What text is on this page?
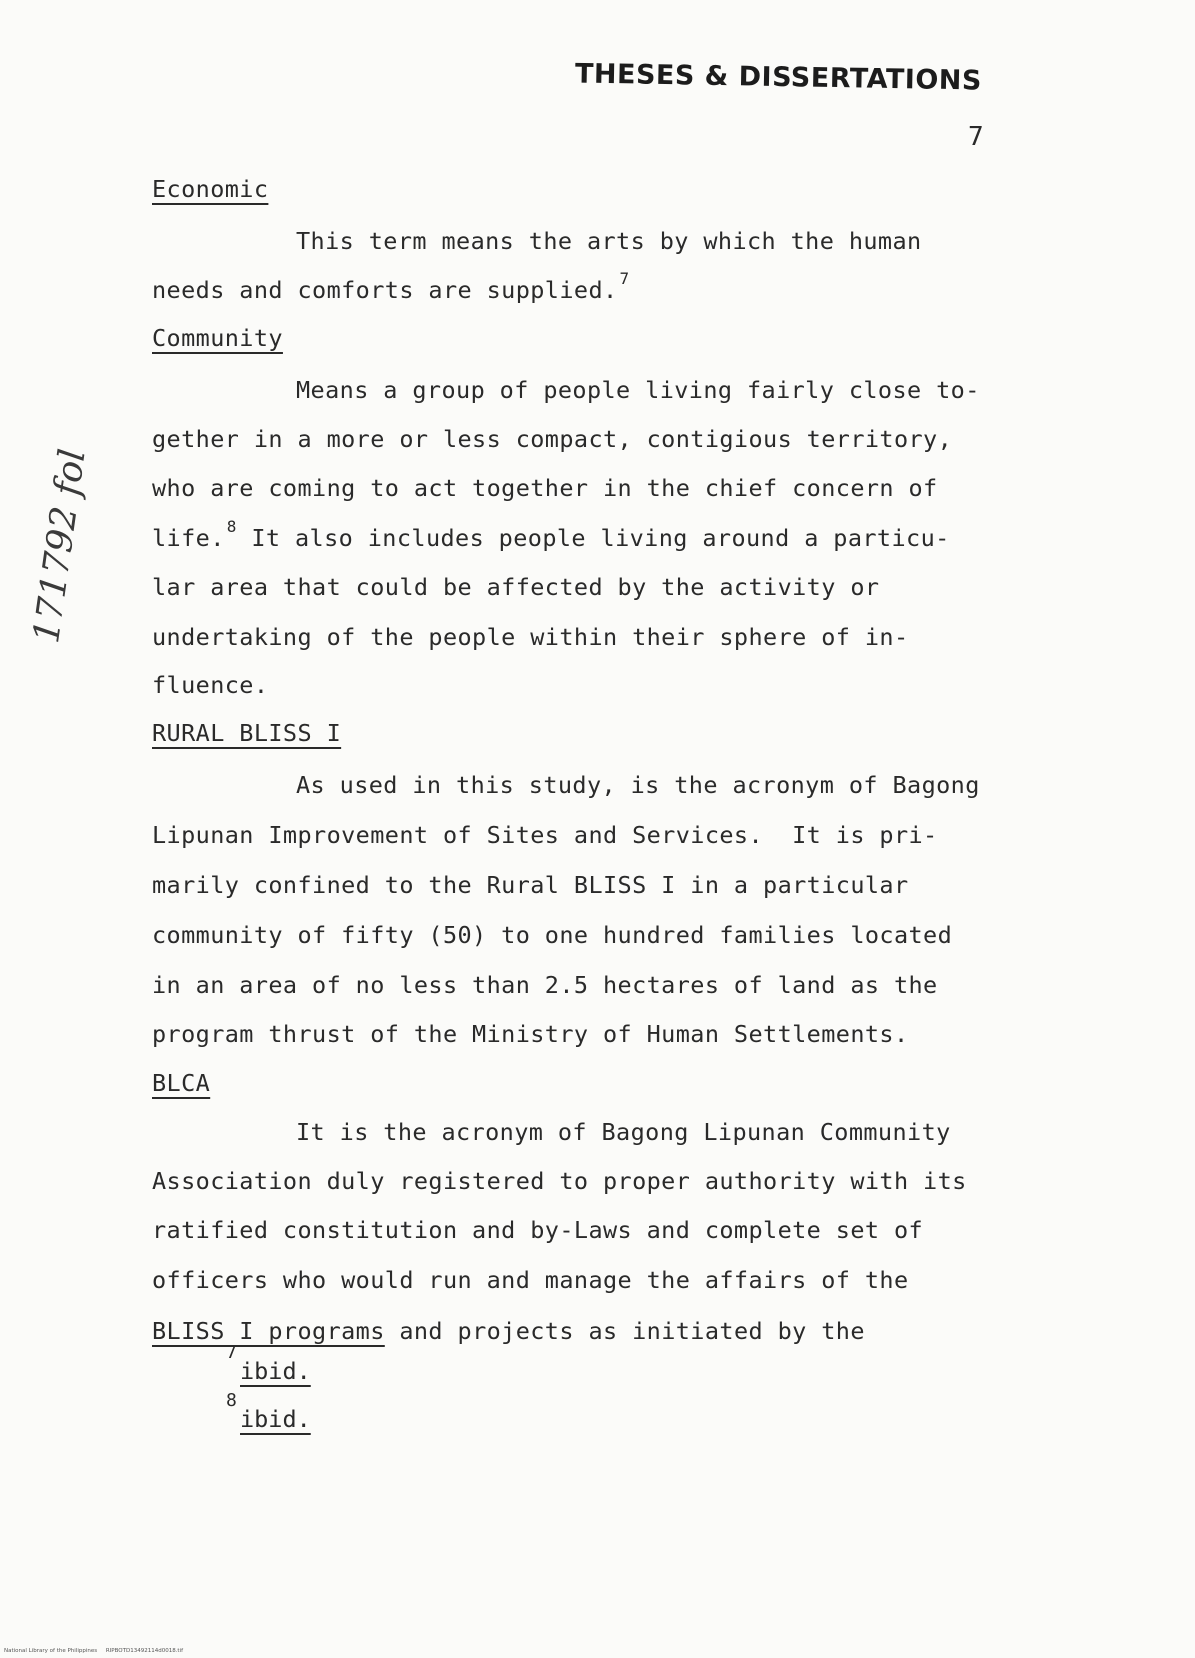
THESES & DISSERTATIONS
7
171792 fol
Economic
This term means the arts by which the human
needs and comforts are supplied. $^7$
Community
Means a group of people living fairly close to-
gether in a more or less compact, contigious territory,
who are coming to act together in the chief concern of
life. $^8$ It also includes people living around a particu-
lar area that could be affected by the activity or
undertaking of the people within their sphere of in-
fluence.
RURAL BLISS I
As used in this study, is the acronym of Bagong
Lipunan Improvement of Sites and Services.  It is pri-
marily confined to the Rural BLISS I in a particular
community of fifty (50) to one hundred families located
in an area of no less than 2.5 hectares of land as the
program thrust of the Ministry of Human Settlements.
BLCA
It is the acronym of Bagong Lipunan Community
Association duly registered to proper authority with its
ratified constitution and by-Laws and complete set of
officers who would run and manage the affairs of the
BLISS I programs and projects as initiated by the
7
ibid.
8
ibid.
National Library of the Philippines     RIPBOTD13492114d0018.tif
